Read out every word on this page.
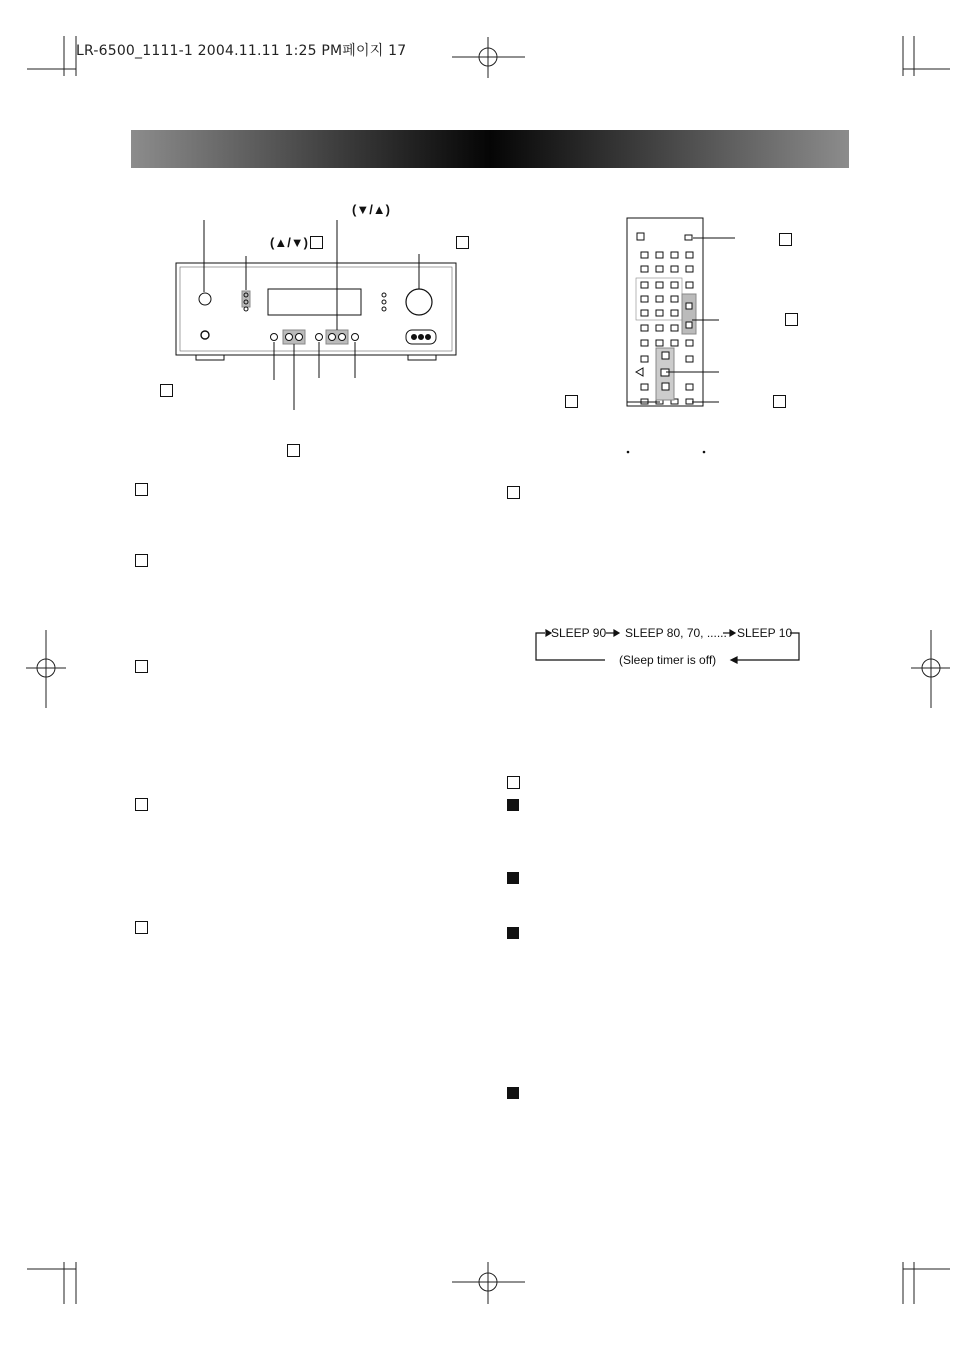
LR-6500_1111-1 2004.11.11 1:25 PM페이지 17
(▼/▲)
(▲/▼)
SLEEP 90 SLEEP 80, 70, ...... SLEEP 10
(Sleep timer is off)
